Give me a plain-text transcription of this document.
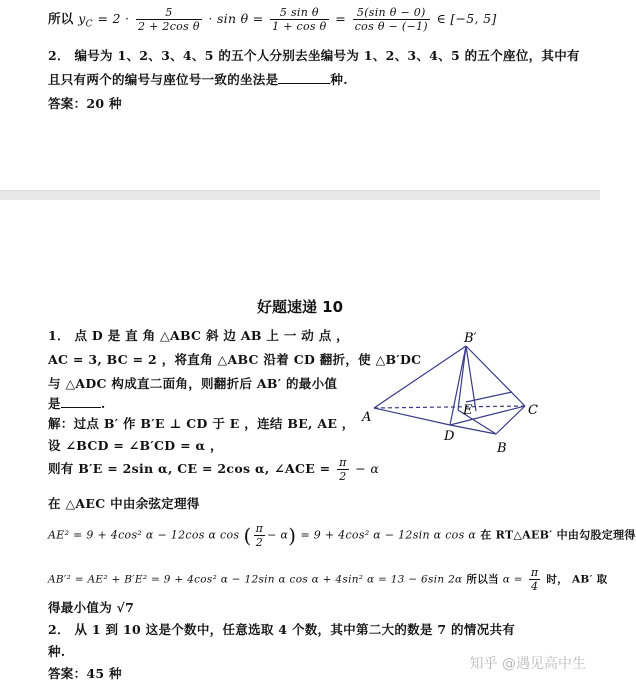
所以 $y_C = 2 \cdot \frac{5}{\text{2 + 2cos θ}} \cdot \sin \theta = \frac{\text{5 sin θ}}{\text{1 + cos θ}} = \frac{\text{5(sin θ − 0)}}{\text{cos θ − (−1)}}$ ∈ [−5, 5]
2． 编号为 1、2、3、4、5 的五个人分别去坐编号为 1、2、3、4、5 的五个座位，其中有
且只有两个的编号与座位号一致的坐法是	种.
答案：20 种
好题速递 10
1． 点 D 是 直 角 △ABC 斜 边 AB 上 一 动 点 ，
AC = 3, BC = 2 ，将直角 △ABC 沿着 CD 翻折，使 △B′DC
与 △ADC 构成直二面角，则翻折后 AB′ 的最小值
是	.
解：过点 B′ 作 B′E ⊥ CD 于 E ，连结 BE, AE ，
设 ∠BCD = ∠B′CD = α ，
则有 B′E = 2sin α, CE = 2cos α, ∠ACE = $\frac{\pi}{2} - \alpha$
在 △AEC 中由余弦定理得
AE² = 9 + 4cos² α − 12cos α cos ( $\frac{\pi}{2} - \alpha) = 9 + 4\cos^2$ α − 12sin α cos α 在 RT△AEB′ 中由勾股定理得
AB′² = AE² + B′E² = 9 + 4cos² α − 12sin α cos α + 4sin² α = 13 − 6sin 2α 所以当 $\alpha = \frac{\pi}{4}$ 时， AB′ 取
得最小值为 √7
2． 从 1 到 10 这是个数中，任意选取 4 个数，其中第二大的数是 7 的情况共有
种.
答案：45 种
A
B′
C
D
E
B
知乎 @遇见高中生
